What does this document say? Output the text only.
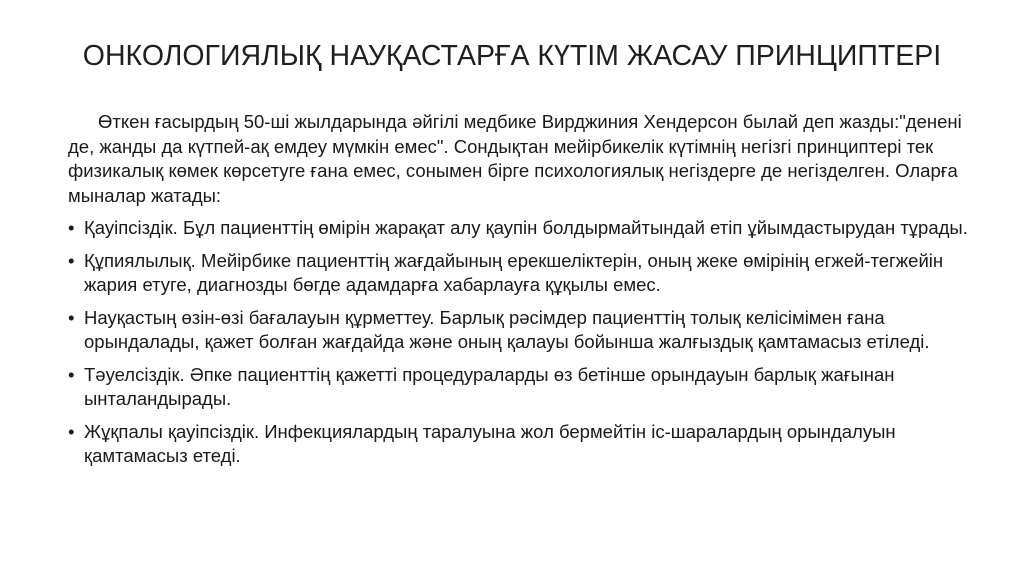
ОНКОЛОГИЯЛЫҚ НАУҚАСТАРҒА КҮТІМ ЖАСАУ ПРИНЦИПТЕРІ

Өткен ғасырдың 50-ші жылдарында әйгілі медбике Вирджиния Хендерсон былай деп жазды:"денені де, жанды да күтпей-ақ емдеу мүмкін емес". Сондықтан мейірбикелік күтімнің негізгі принциптері тек физикалық көмек көрсетуге ғана емес, сонымен бірге психологиялық негіздерге де негізделген. Оларға мыналар жатады:

• Қауіпсіздік. Бұл пациенттің өмірін жарақат алу қаупін болдырмайтындай етіп ұйымдастырудан тұрады.
• Құпиялылық. Мейірбике пациенттің жағдайының ерекшеліктерін, оның жеке өмірінің егжей-тегжейін жария етуге, диагнозды бөгде адамдарға хабарлауға құқылы емес.
• Науқастың өзін-өзі бағалауын құрметтеу. Барлық рәсімдер пациенттің толық келісімімен ғана орындалады, қажет болған жағдайда және оның қалауы бойынша жалғыздық қамтамасыз етіледі.
• Тәуелсіздік. Әпке пациенттің қажетті процедураларды өз бетінше орындауын барлық жағынан ынталандырады.
• Жұқпалы қауіпсіздік. Инфекциялардың таралуына жол бермейтін іс-шаралардың орындалуын қамтамасыз етеді.
